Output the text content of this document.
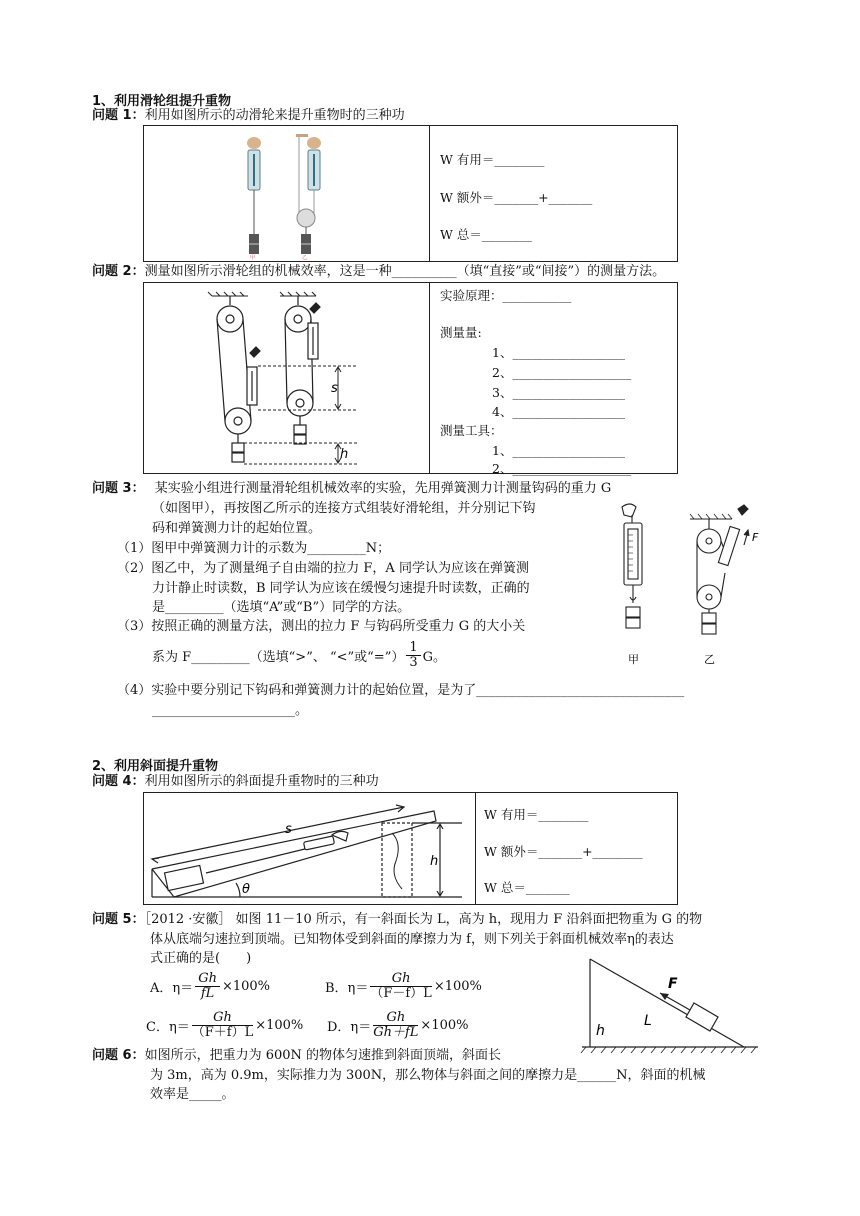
1、利用滑轮组提升重物
问题 1：利用如图所示的动滑轮来提升重物时的三种功
甲	乙
W 有用＝________
W 额外＝_______+_______
W 总＝________
问题 2：测量如图所示滑轮组的机械效率，这是一种__________（填“直接”或“间接”）的测量方法。
s
h
实验原理：___________
测量量:
1、__________________
2、___________________
3、__________________
4、__________________
测量工具：
1、__________________
2、___________________
问题 3： 某实验小组进行测量滑轮组机械效率的实验，先用弹簧测力计测量钩码的重力 G
（如图甲），再按图乙所示的连接方式组装好滑轮组，并分别记下钩
码和弹簧测力计的起始位置。
（1）图甲中弹簧测力计的示数为_________N；
（2）图乙中，为了测量绳子自由端的拉力 F，A 同学认为应该在弹簧测
力计静止时读数，B 同学认为应该在缓慢匀速提升时读数，正确的
是_________（选填“A”或“B”）同学的方法。
（3）按照正确的测量方法，测出的拉力 F 与钩码所受重力 G 的大小关
系为 F_________（选填“>”、 “<”或“=”） $\frac{1}{3}$ G。
（4）实验中要分别记下钩码和弹簧测力计的起始位置，是为了________________________________
______________________。
F
甲	乙
2、利用斜面提升重物
问题 4：利用如图所示的斜面提升重物时的三种功
s
h
θ
W 有用＝________
W 额外＝_______+________
W 总＝_______
问题 5：［2012 ·安徽］ 如图 11－10 所示，有一斜面长为 L，高为 h，现用力 F 沿斜面把物重为 G 的物
体从底端匀速拉到顶端。已知物体受到斜面的摩擦力为 f，则下列关于斜面机械效率η的表达
式正确的是(　　)
A．$\eta= \frac{Gh}{fL} \times 100\%$	B．$\eta= \frac{Gh}{(F-f)L} \times 100\%$
C．$\eta= \frac{Gh}{(F+f)L} \times 100\%$ D．$\eta= \frac{Gh}{Gh+fL} \times 100\%$
F
L
h
问题 6：如图所示，把重力为 600N 的物体匀速推到斜面顶端，斜面长
为 3m，高为 0.9m，实际推力为 300N，那么物体与斜面之间的摩擦力是______N，斜面的机械
效率是_____。
